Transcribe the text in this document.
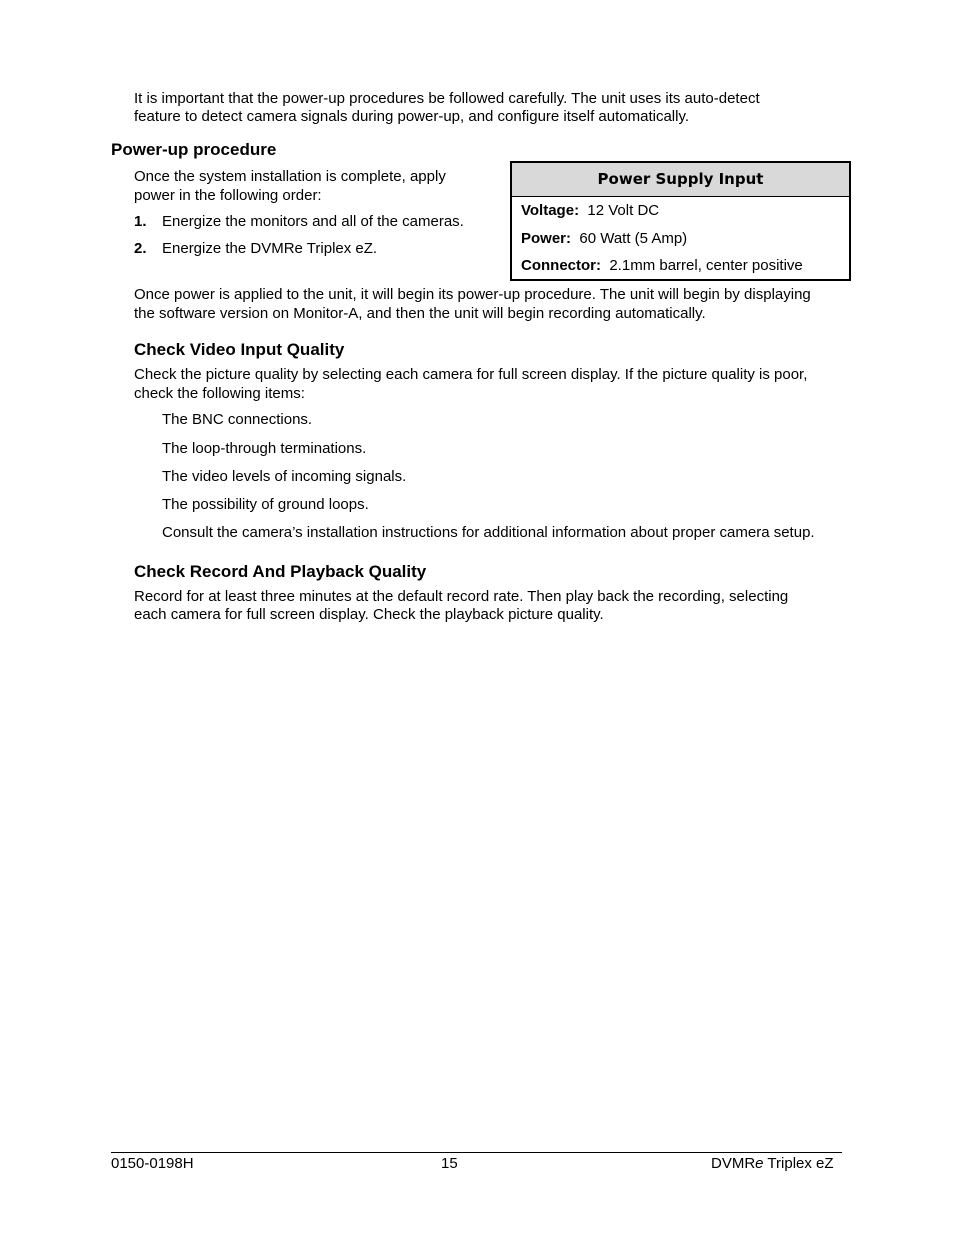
It is important that the power-up procedures be followed carefully. The unit uses its auto-detect
feature to detect camera signals during power-up, and configure itself automatically.
Power-up procedure
Once the system installation is complete, apply
power in the following order:
1. Energize the monitors and all of the cameras.
2. Energize the DVMRe Triplex eZ.
Power Supply Input
Voltage: 12 Volt DC
Power: 60 Watt (5 Amp)
Connector: 2.1mm barrel, center positive
Once power is applied to the unit, it will begin its power-up procedure. The unit will begin by displaying
the software version on Monitor-A, and then the unit will begin recording automatically.
Check Video Input Quality
Check the picture quality by selecting each camera for full screen display. If the picture quality is poor,
check the following items:
The BNC connections.
The loop-through terminations.
The video levels of incoming signals.
The possibility of ground loops.
Consult the camera’s installation instructions for additional information about proper camera setup.
Check Record And Playback Quality
Record for at least three minutes at the default record rate. Then play back the recording, selecting
each camera for full screen display. Check the playback picture quality.
0150-0198H	15	DVMRe Triplex eZ
